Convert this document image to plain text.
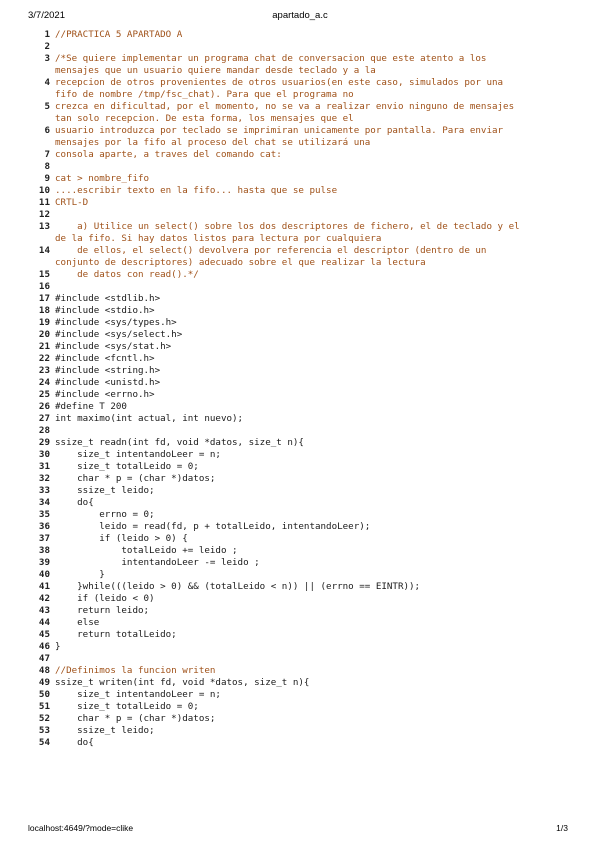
3/7/2021	apartado_a.c
1 //PRACTICA 5 APARTADO A
2

3 /*Se quiere implementar un programa chat de conversacion que este atento a los
mensajes que un usuario quiere mandar desde teclado y a la
4 recepcion de otros provenientes de otros usuarios(en este caso, simulados por una
fifo de nombre /tmp/fsc_chat). Para que el programa no
5 crezca en dificultad, por el momento, no se va a realizar envio ninguno de mensajes
tan solo recepcion. De esta forma, los mensajes que el
6 usuario introduzca por teclado se imprimiran unicamente por pantalla. Para enviar
mensajes por la fifo al proceso del chat se utilizará una
7 consola aparte, a traves del comando cat:
8

9 cat > nombre_fifo
10 ....escribir texto en la fifo... hasta que se pulse
11 CRTL-D
12

13	a) Utilice un select() sobre los dos descriptores de fichero, el de teclado y el
de la fifo. Si hay datos listos para lectura por cualquiera
14	de ellos, el select() devolvera por referencia el descriptor (dentro de un
conjunto de descriptores) adecuado sobre el que realizar la lectura
15 de datos con read().*/
16

17 #include <stdlib.h>
18 #include <stdio.h>
19 #include <sys/types.h>
20 #include <sys/select.h>
21 #include <sys/stat.h>
22 #include <fcntl.h>
23 #include <string.h>
24 #include <unistd.h>
25 #include <errno.h>
26 #define T 200
27 int maximo(int actual, int nuevo);
28

29 ssize_t readn(int fd, void *datos, size_t n){
30 size_t intentandoLeer = n;
31 size_t totalLeido = 0;
32 char * p = (char *)datos;
33 ssize_t leido;
34 do{
35 errno = 0;
36 leido = read(fd, p + totalLeido, intentandoLeer);
37 if (leido > 0) {
38 totalLeido += leido ;
39 intentandoLeer -= leido ;
40 }
41 }while(((leido > 0) && (totalLeido < n)) || (errno == EINTR));
42 if (leido < 0)
43 return leido;
44 else
45 return totalLeido;
46 }
47

48 //Definimos la funcion writen
49 ssize_t writen(int fd, void *datos, size_t n){
50 size_t intentandoLeer = n;
51 size_t totalLeido = 0;
52 char * p = (char *)datos;
53 ssize_t leido;
54 do{
localhost:4649/?mode=clike	1/3
